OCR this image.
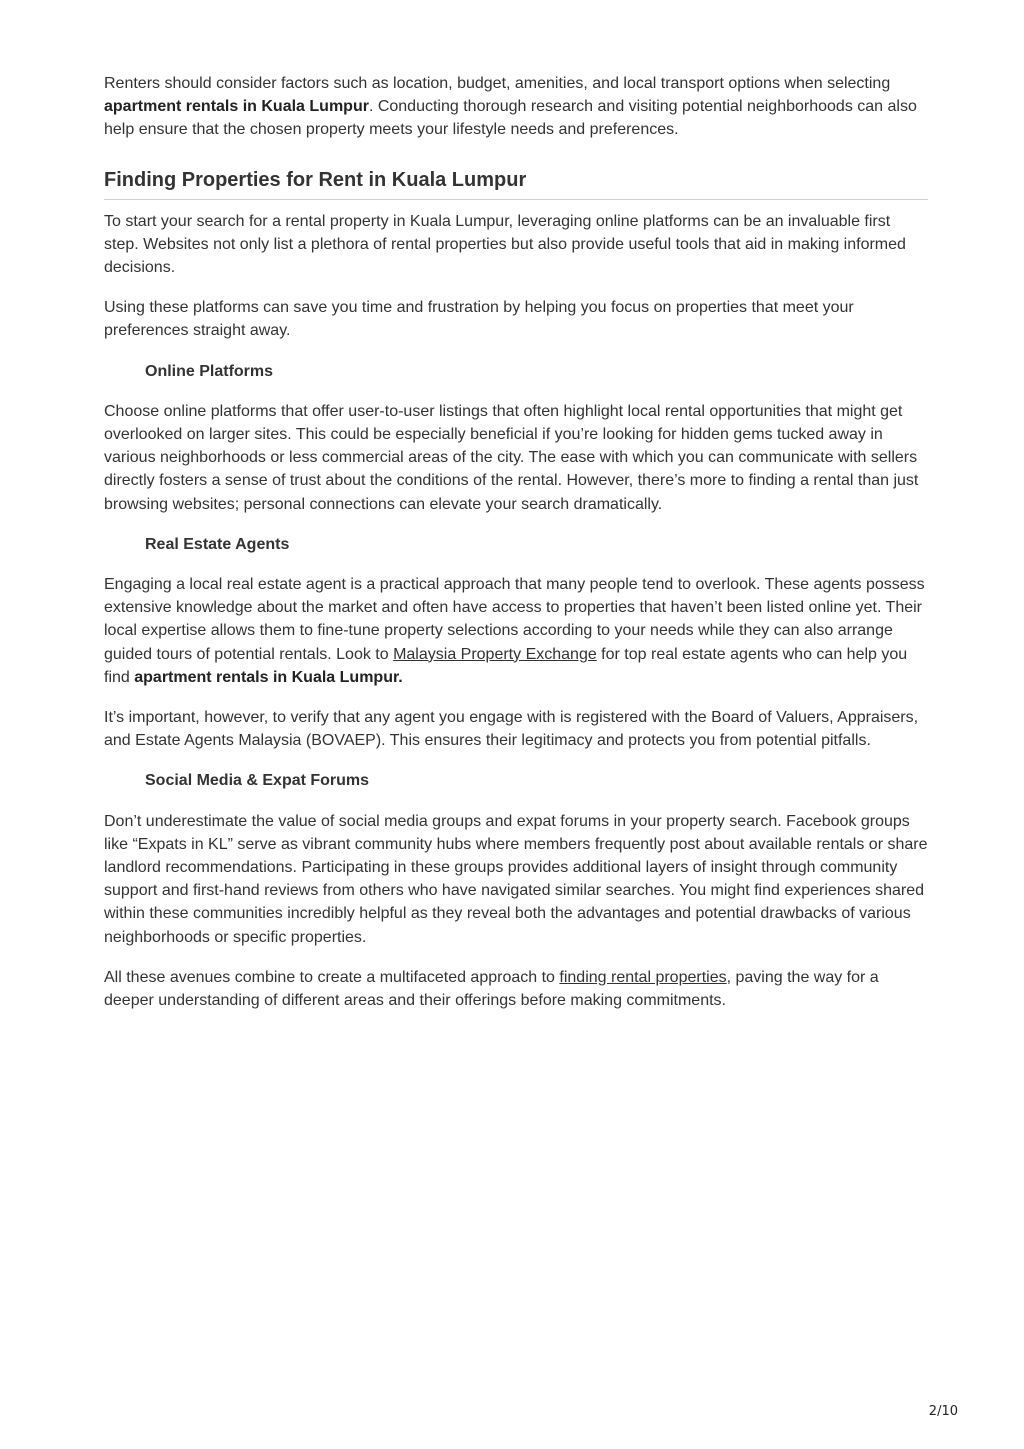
Renters should consider factors such as location, budget, amenities, and local transport options when selecting apartment rentals in Kuala Lumpur. Conducting thorough research and visiting potential neighborhoods can also help ensure that the chosen property meets your lifestyle needs and preferences.

Finding Properties for Rent in Kuala Lumpur

To start your search for a rental property in Kuala Lumpur, leveraging online platforms can be an invaluable first step. Websites not only list a plethora of rental properties but also provide useful tools that aid in making informed decisions.

Using these platforms can save you time and frustration by helping you focus on properties that meet your preferences straight away.

Online Platforms

Choose online platforms that offer user-to-user listings that often highlight local rental opportunities that might get overlooked on larger sites. This could be especially beneficial if you’re looking for hidden gems tucked away in various neighborhoods or less commercial areas of the city. The ease with which you can communicate with sellers directly fosters a sense of trust about the conditions of the rental. However, there’s more to finding a rental than just browsing websites; personal connections can elevate your search dramatically.

Real Estate Agents

Engaging a local real estate agent is a practical approach that many people tend to overlook. These agents possess extensive knowledge about the market and often have access to properties that haven’t been listed online yet. Their local expertise allows them to fine-tune property selections according to your needs while they can also arrange guided tours of potential rentals. Look to Malaysia Property Exchange for top real estate agents who can help you find apartment rentals in Kuala Lumpur.

It’s important, however, to verify that any agent you engage with is registered with the Board of Valuers, Appraisers, and Estate Agents Malaysia (BOVAEP). This ensures their legitimacy and protects you from potential pitfalls.

Social Media & Expat Forums

Don’t underestimate the value of social media groups and expat forums in your property search. Facebook groups like “Expats in KL” serve as vibrant community hubs where members frequently post about available rentals or share landlord recommendations. Participating in these groups provides additional layers of insight through community support and first-hand reviews from others who have navigated similar searches. You might find experiences shared within these communities incredibly helpful as they reveal both the advantages and potential drawbacks of various neighborhoods or specific properties.

All these avenues combine to create a multifaceted approach to finding rental properties, paving the way for a deeper understanding of different areas and their offerings before making commitments.

2/10
